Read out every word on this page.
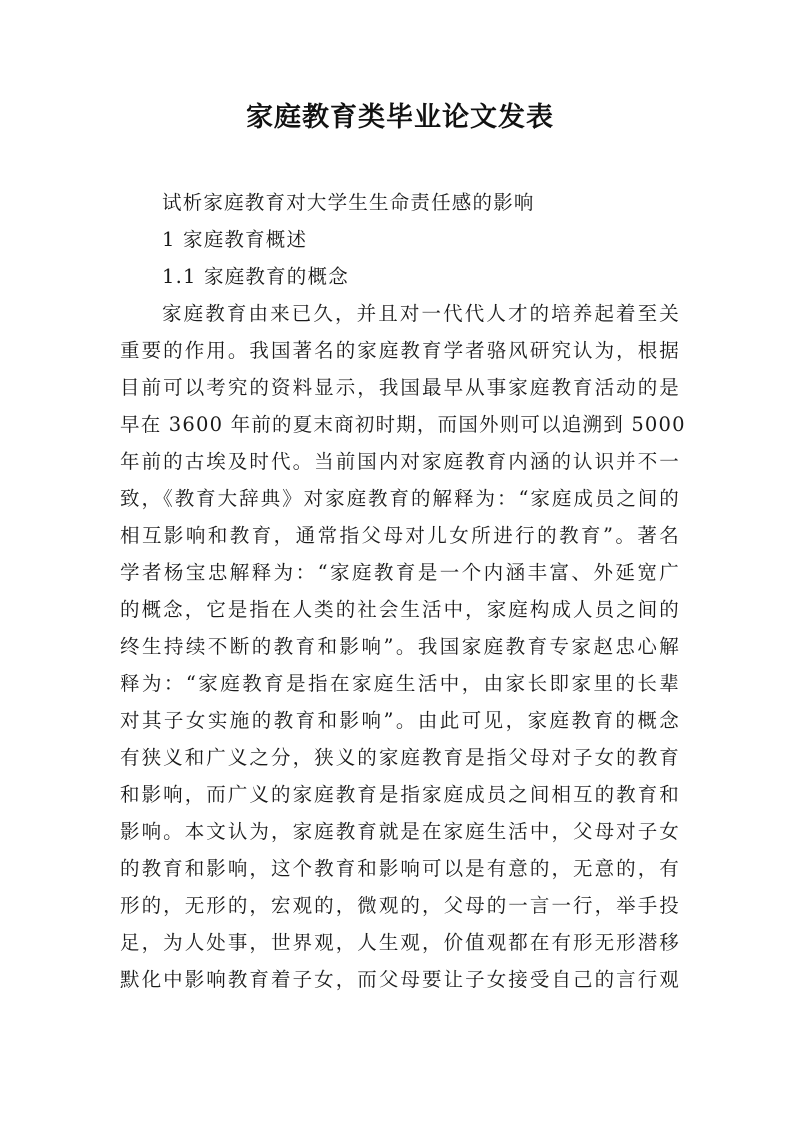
家庭教育类毕业论文发表

试析家庭教育对大学生生命责任感的影响

1 家庭教育概述

1.1 家庭教育的概念

家庭教育由来已久，并且对一代代人才的培养起着至关
重要的作用。我国著名的家庭教育学者骆风研究认为，根据
目前可以考究的资料显示，我国最早从事家庭教育活动的是
早在 3600 年前的夏末商初时期，而国外则可以追溯到 5000
年前的古埃及时代。当前国内对家庭教育内涵的认识并不一
致，《教育大辞典》对家庭教育的解释为：“家庭成员之间的
相互影响和教育，通常指父母对儿女所进行的教育”。著名
学者杨宝忠解释为：“家庭教育是一个内涵丰富、外延宽广
的概念，它是指在人类的社会生活中，家庭构成人员之间的
终生持续不断的教育和影响”。我国家庭教育专家赵忠心解
释为：“家庭教育是指在家庭生活中，由家长即家里的长辈
对其子女实施的教育和影响”。由此可见，家庭教育的概念
有狭义和广义之分，狭义的家庭教育是指父母对子女的教育
和影响，而广义的家庭教育是指家庭成员之间相互的教育和
影响。本文认为，家庭教育就是在家庭生活中，父母对子女
的教育和影响，这个教育和影响可以是有意的，无意的，有
形的，无形的，宏观的，微观的，父母的一言一行，举手投
足，为人处事，世界观，人生观，价值观都在有形无形潜移
默化中影响教育着子女，而父母要让子女接受自己的言行观
